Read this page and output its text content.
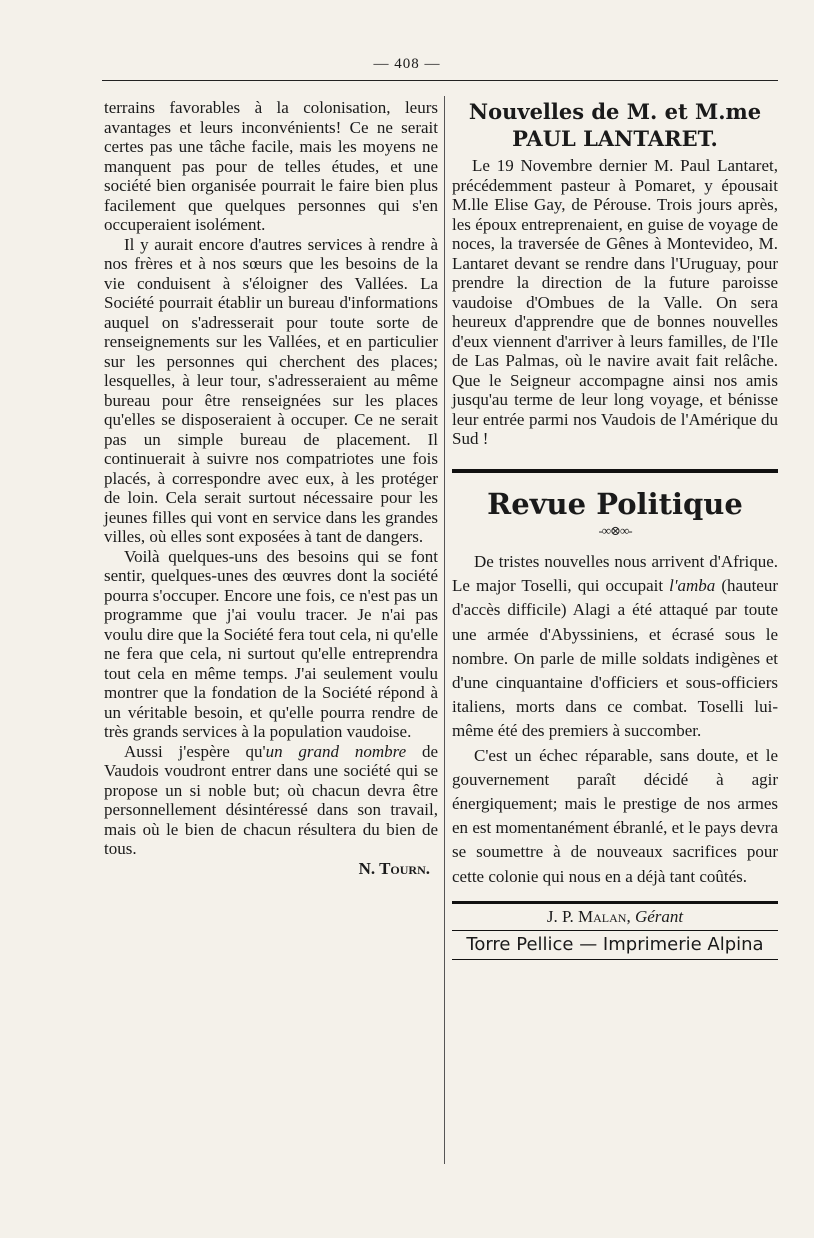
— 408 —

terrains favorables à la colonisation, leurs avantages et leurs inconvénients! Ce ne serait certes pas une tâche facile, mais les moyens ne manquent pas pour de telles études, et une société bien organisée pourrait le faire bien plus facilement que quelques personnes qui s'en occuperaient isolément.

Il y aurait encore d'autres services à rendre à nos frères et à nos sœurs que les besoins de la vie conduisent à s'éloigner des Vallées. La Société pourrait établir un bureau d'informations auquel on s'adresserait pour toute sorte de renseignements sur les Vallées, et en particulier sur les personnes qui cherchent des places; lesquelles, à leur tour, s'adresseraient au même bureau pour être renseignées sur les places qu'elles se disposeraient à occuper. Ce ne serait pas un simple bureau de placement. Il continuerait à suivre nos compatriotes une fois placés, à correspondre avec eux, à les protéger de loin. Cela serait surtout nécessaire pour les jeunes filles qui vont en service dans les grandes villes, où elles sont exposées à tant de dangers.

Voilà quelques-uns des besoins qui se font sentir, quelques-unes des œuvres dont la société pourra s'occuper. Encore une fois, ce n'est pas un programme que j'ai voulu tracer. Je n'ai pas voulu dire que la Société fera tout cela, ni qu'elle ne fera que cela, ni surtout qu'elle entreprendra tout cela en même temps. J'ai seulement voulu montrer que la fondation de la Société répond à un véritable besoin, et qu'elle pourra rendre de très grands services à la population vaudoise.

Aussi j'espère qu'un grand nombre de Vaudois voudront entrer dans une société qui se propose un si noble but; où chacun devra être personnellement désintéressé dans son travail, mais où le bien de chacun résultera du bien de tous.

N. Tourn.

Nouvelles de M. et M.me
PAUL LANTARET.

Le 19 Novembre dernier M. Paul Lantaret, précédemment pasteur à Pomaret, y épousait M.lle Elise Gay, de Pérouse. Trois jours après, les époux entreprenaient, en guise de voyage de noces, la traversée de Gênes à Montevideo, M. Lantaret devant se rendre dans l'Uruguay, pour prendre la direction de la future paroisse vaudoise d'Ombues de la Valle. On sera heureux d'apprendre que de bonnes nouvelles d'eux viennent d'arriver à leurs familles, de l'Ile de Las Palmas, où le navire avait fait relâche. Que le Seigneur accompagne ainsi nos amis jusqu'au terme de leur long voyage, et bénisse leur entrée parmi nos Vaudois de l'Amérique du Sud !

Revue Politique
-∞⊗∞-

De tristes nouvelles nous arrivent d'Afrique. Le major Toselli, qui occupait l'amba (hauteur d'accès difficile) Alagi a été attaqué par toute une armée d'Abyssiniens, et écrasé sous le nombre. On parle de mille soldats indigènes et d'une cinquantaine d'officiers et sous-officiers italiens, morts dans ce combat. Toselli lui-même été des premiers à succomber.

C'est un échec réparable, sans doute, et le gouvernement paraît décidé à agir énergiquement; mais le prestige de nos armes en est momentanément ébranlé, et le pays devra se soumettre à de nouveaux sacrifices pour cette colonie qui nous en a déjà tant coûtés.

J. P. Malan, Gérant
Torre Pellice — Imprimerie Alpina
